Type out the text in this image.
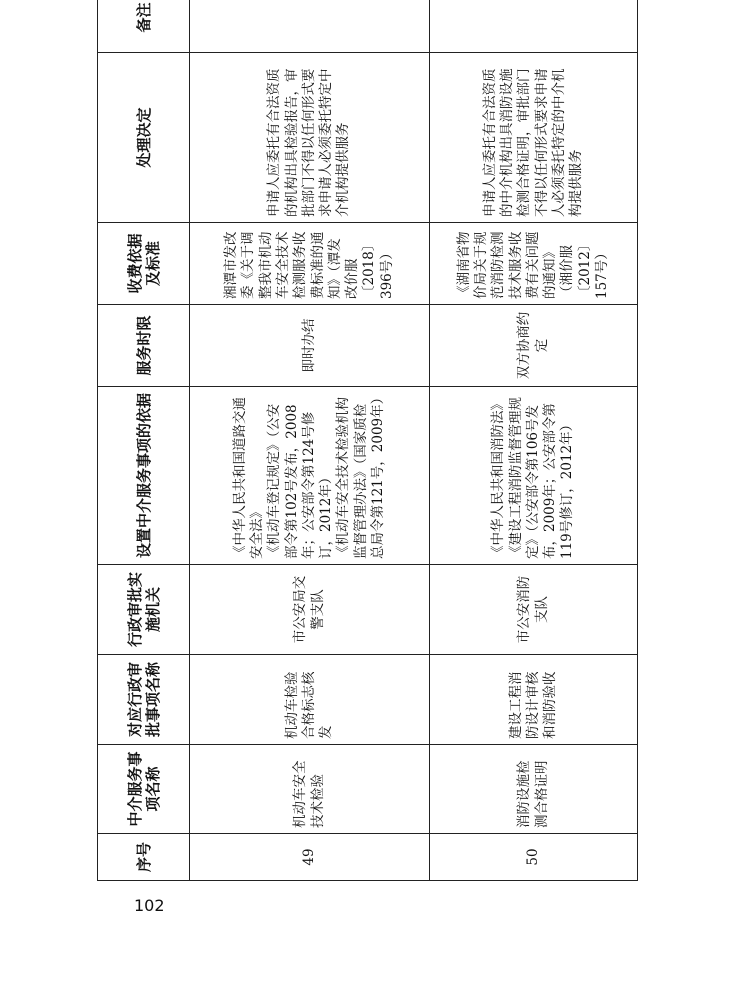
序号	中介服务事项名称	对应行政审批事项名称	行政审批实施机关	设置中介服务事项的依据	服务时限	收费依据及标准	处理决定	备注
49	机动车安全技术检验	机动车检验合格标志核发	市公安局交警支队	《中华人民共和国道路交通安全法》
《机动车登记规定》（公安部令第102号发布，2008年；公安部令第124号修订，2012年）
《机动车安全技术检验机构监督管理办法》（国家质检总局令第121号，2009年）	即时办结	湘潭市发改委《关于调整我市机动车安全技术检测服务收费标准的通知》（潭发改价服〔2018〕396号）	申请人应委托有合法资质的机构出具检验报告，审批部门不得以任何形式要求申请人必须委托特定中介机构提供服务	
50	消防设施检测合格证明	建设工程消防设计审核和消防验收	市公安消防支队	《中华人民共和国消防法》
《建设工程消防监督管理规定》（公安部令第106号发布，2009年；公安部令第119号修订，2012年）	双方协商约定	《湖南省物价局关于规范消防检测技术服务收费有关问题的通知》（湘价服〔2012〕157号）	申请人应委托有合法资质的中介机构出具消防设施检测合格证明，审批部门不得以任何形式要求申请人必须委托特定的中介机构提供服务	
102
